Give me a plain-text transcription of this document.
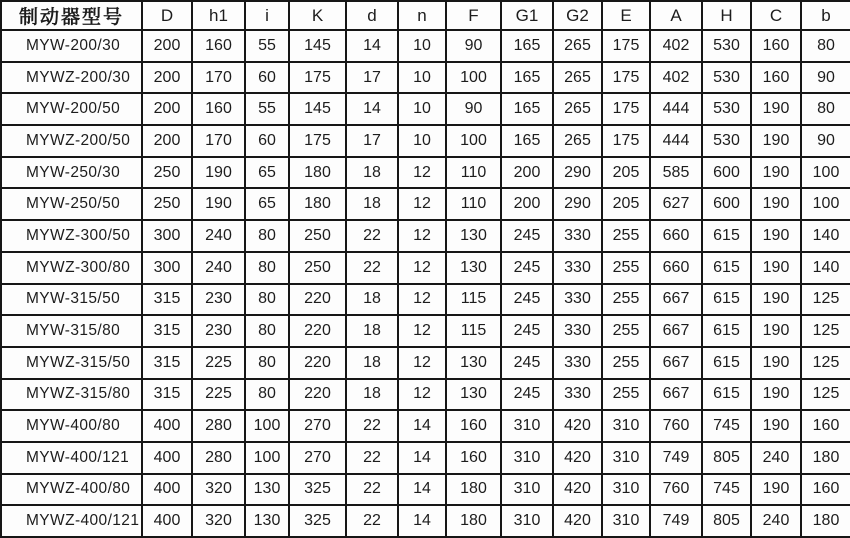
制动器型号	D	h1	i	K	d	n	F	G1	G2	E	A	H	C	b
MYW-200/30	200	160	55	145	14	10	90	165	265	175	402	530	160	80
MYWZ-200/30	200	170	60	175	17	10	100	165	265	175	402	530	160	90
MYW-200/50	200	160	55	145	14	10	90	165	265	175	444	530	190	80
MYWZ-200/50	200	170	60	175	17	10	100	165	265	175	444	530	190	90
MYW-250/30	250	190	65	180	18	12	110	200	290	205	585	600	190	100
MYW-250/50	250	190	65	180	18	12	110	200	290	205	627	600	190	100
MYWZ-300/50	300	240	80	250	22	12	130	245	330	255	660	615	190	140
MYWZ-300/80	300	240	80	250	22	12	130	245	330	255	660	615	190	140
MYW-315/50	315	230	80	220	18	12	115	245	330	255	667	615	190	125
MYW-315/80	315	230	80	220	18	12	115	245	330	255	667	615	190	125
MYWZ-315/50	315	225	80	220	18	12	130	245	330	255	667	615	190	125
MYWZ-315/80	315	225	80	220	18	12	130	245	330	255	667	615	190	125
MYW-400/80	400	280	100	270	22	14	160	310	420	310	760	745	190	160
MYW-400/121	400	280	100	270	22	14	160	310	420	310	749	805	240	180
MYWZ-400/80	400	320	130	325	22	14	180	310	420	310	760	745	190	160
MYWZ-400/121	400	320	130	325	22	14	180	310	420	310	749	805	240	180
